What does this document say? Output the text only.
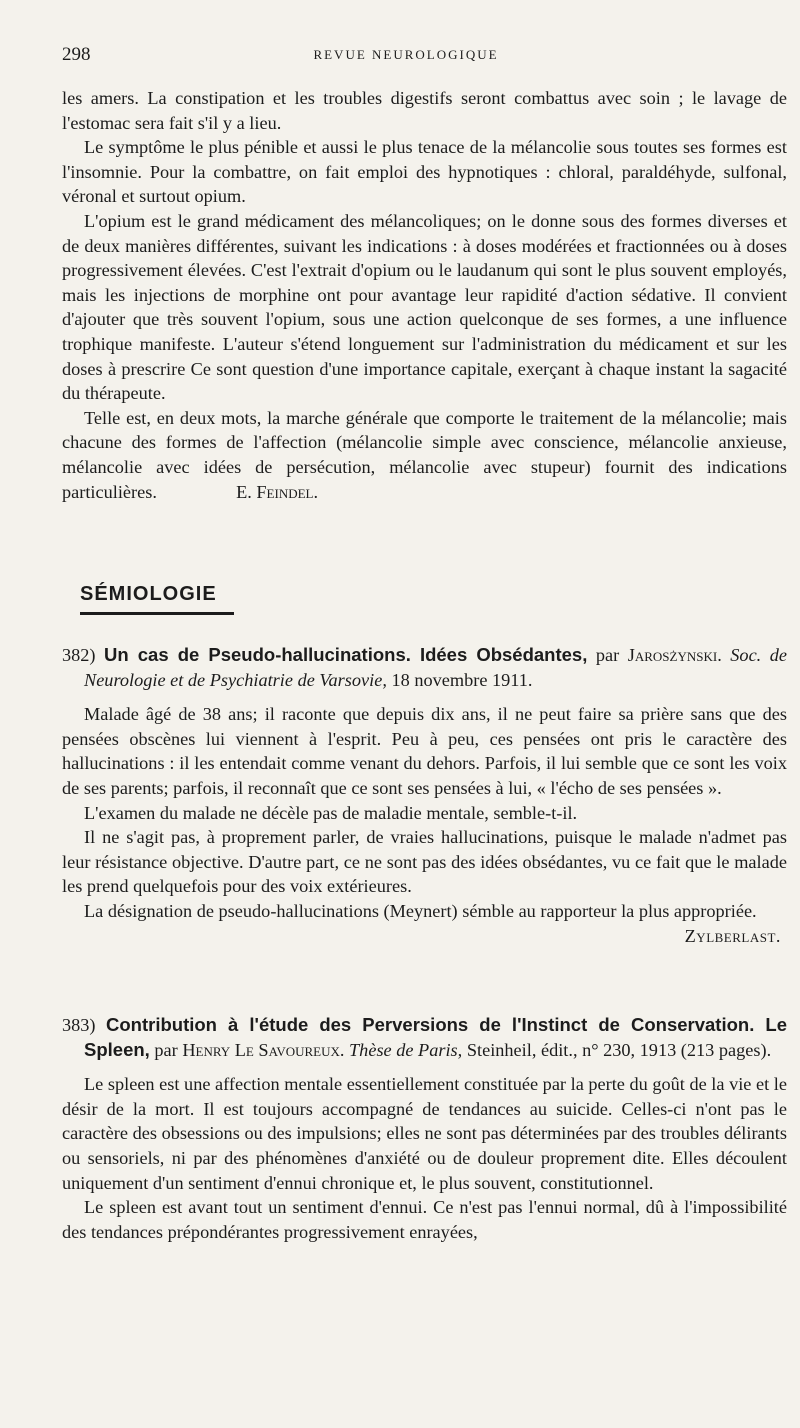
298	REVUE NEUROLOGIQUE

les amers. La constipation et les troubles digestifs seront combattus avec soin ; le lavage de l'estomac sera fait s'il y a lieu.

Le symptôme le plus pénible et aussi le plus tenace de la mélancolie sous toutes ses formes est l'insomnie. Pour la combattre, on fait emploi des hypnotiques : chloral, paraldéhyde, sulfonal, véronal et surtout opium.

L'opium est le grand médicament des mélancoliques; on le donne sous des formes diverses et de deux manières différentes, suivant les indications : à doses modérées et fractionnées ou à doses progressivement élevées. C'est l'extrait d'opium ou le laudanum qui sont le plus souvent employés, mais les injections de morphine ont pour avantage leur rapidité d'action sédative. Il convient d'ajouter que très souvent l'opium, sous une action quelconque de ses formes, a une influence trophique manifeste. L'auteur s'étend longuement sur l'administration du médicament et sur les doses à prescrire Ce sont question d'une importance capitale, exerçant à chaque instant la sagacité du thérapeute.

Telle est, en deux mots, la marche générale que comporte le traitement de la mélancolie; mais chacune des formes de l'affection (mélancolie simple avec conscience, mélancolie anxieuse, mélancolie avec idées de persécution, mélancolie avec stupeur) fournit des indications particulières.	E. Feindel.

SÉMIOLOGIE

382) Un cas de Pseudo-hallucinations. Idées Obsédantes, par Jarosżynski. Soc. de Neurologie et de Psychiatrie de Varsovie, 18 novembre 1911.

Malade âgé de 38 ans; il raconte que depuis dix ans, il ne peut faire sa prière sans que des pensées obscènes lui viennent à l'esprit. Peu à peu, ces pensées ont pris le caractère des hallucinations : il les entendait comme venant du dehors. Parfois, il lui semble que ce sont les voix de ses parents; parfois, il reconnaît que ce sont ses pensées à lui, « l'écho de ses pensées ».

L'examen du malade ne décèle pas de maladie mentale, semble-t-il.

Il ne s'agit pas, à proprement parler, de vraies hallucinations, puisque le malade n'admet pas leur résistance objective. D'autre part, ce ne sont pas des idées obsédantes, vu ce fait que le malade les prend quelquefois pour des voix extérieures.

La désignation de pseudo-hallucinations (Meynert) sémble au rapporteur la plus appropriée.

Zylberlast.

383) Contribution à l'étude des Perversions de l'Instinct de Conservation. Le Spleen, par Henry Le Savoureux. Thèse de Paris, Steinheil, édit., n° 230, 1913 (213 pages).

Le spleen est une affection mentale essentiellement constituée par la perte du goût de la vie et le désir de la mort. Il est toujours accompagné de tendances au suicide. Celles-ci n'ont pas le caractère des obsessions ou des impulsions; elles ne sont pas déterminées par des troubles délirants ou sensoriels, ni par des phénomènes d'anxiété ou de douleur proprement dite. Elles découlent uniquement d'un sentiment d'ennui chronique et, le plus souvent, constitutionnel.

Le spleen est avant tout un sentiment d'ennui. Ce n'est pas l'ennui normal, dû à l'impossibilité des tendances prépondérantes progressivement enrayées,
